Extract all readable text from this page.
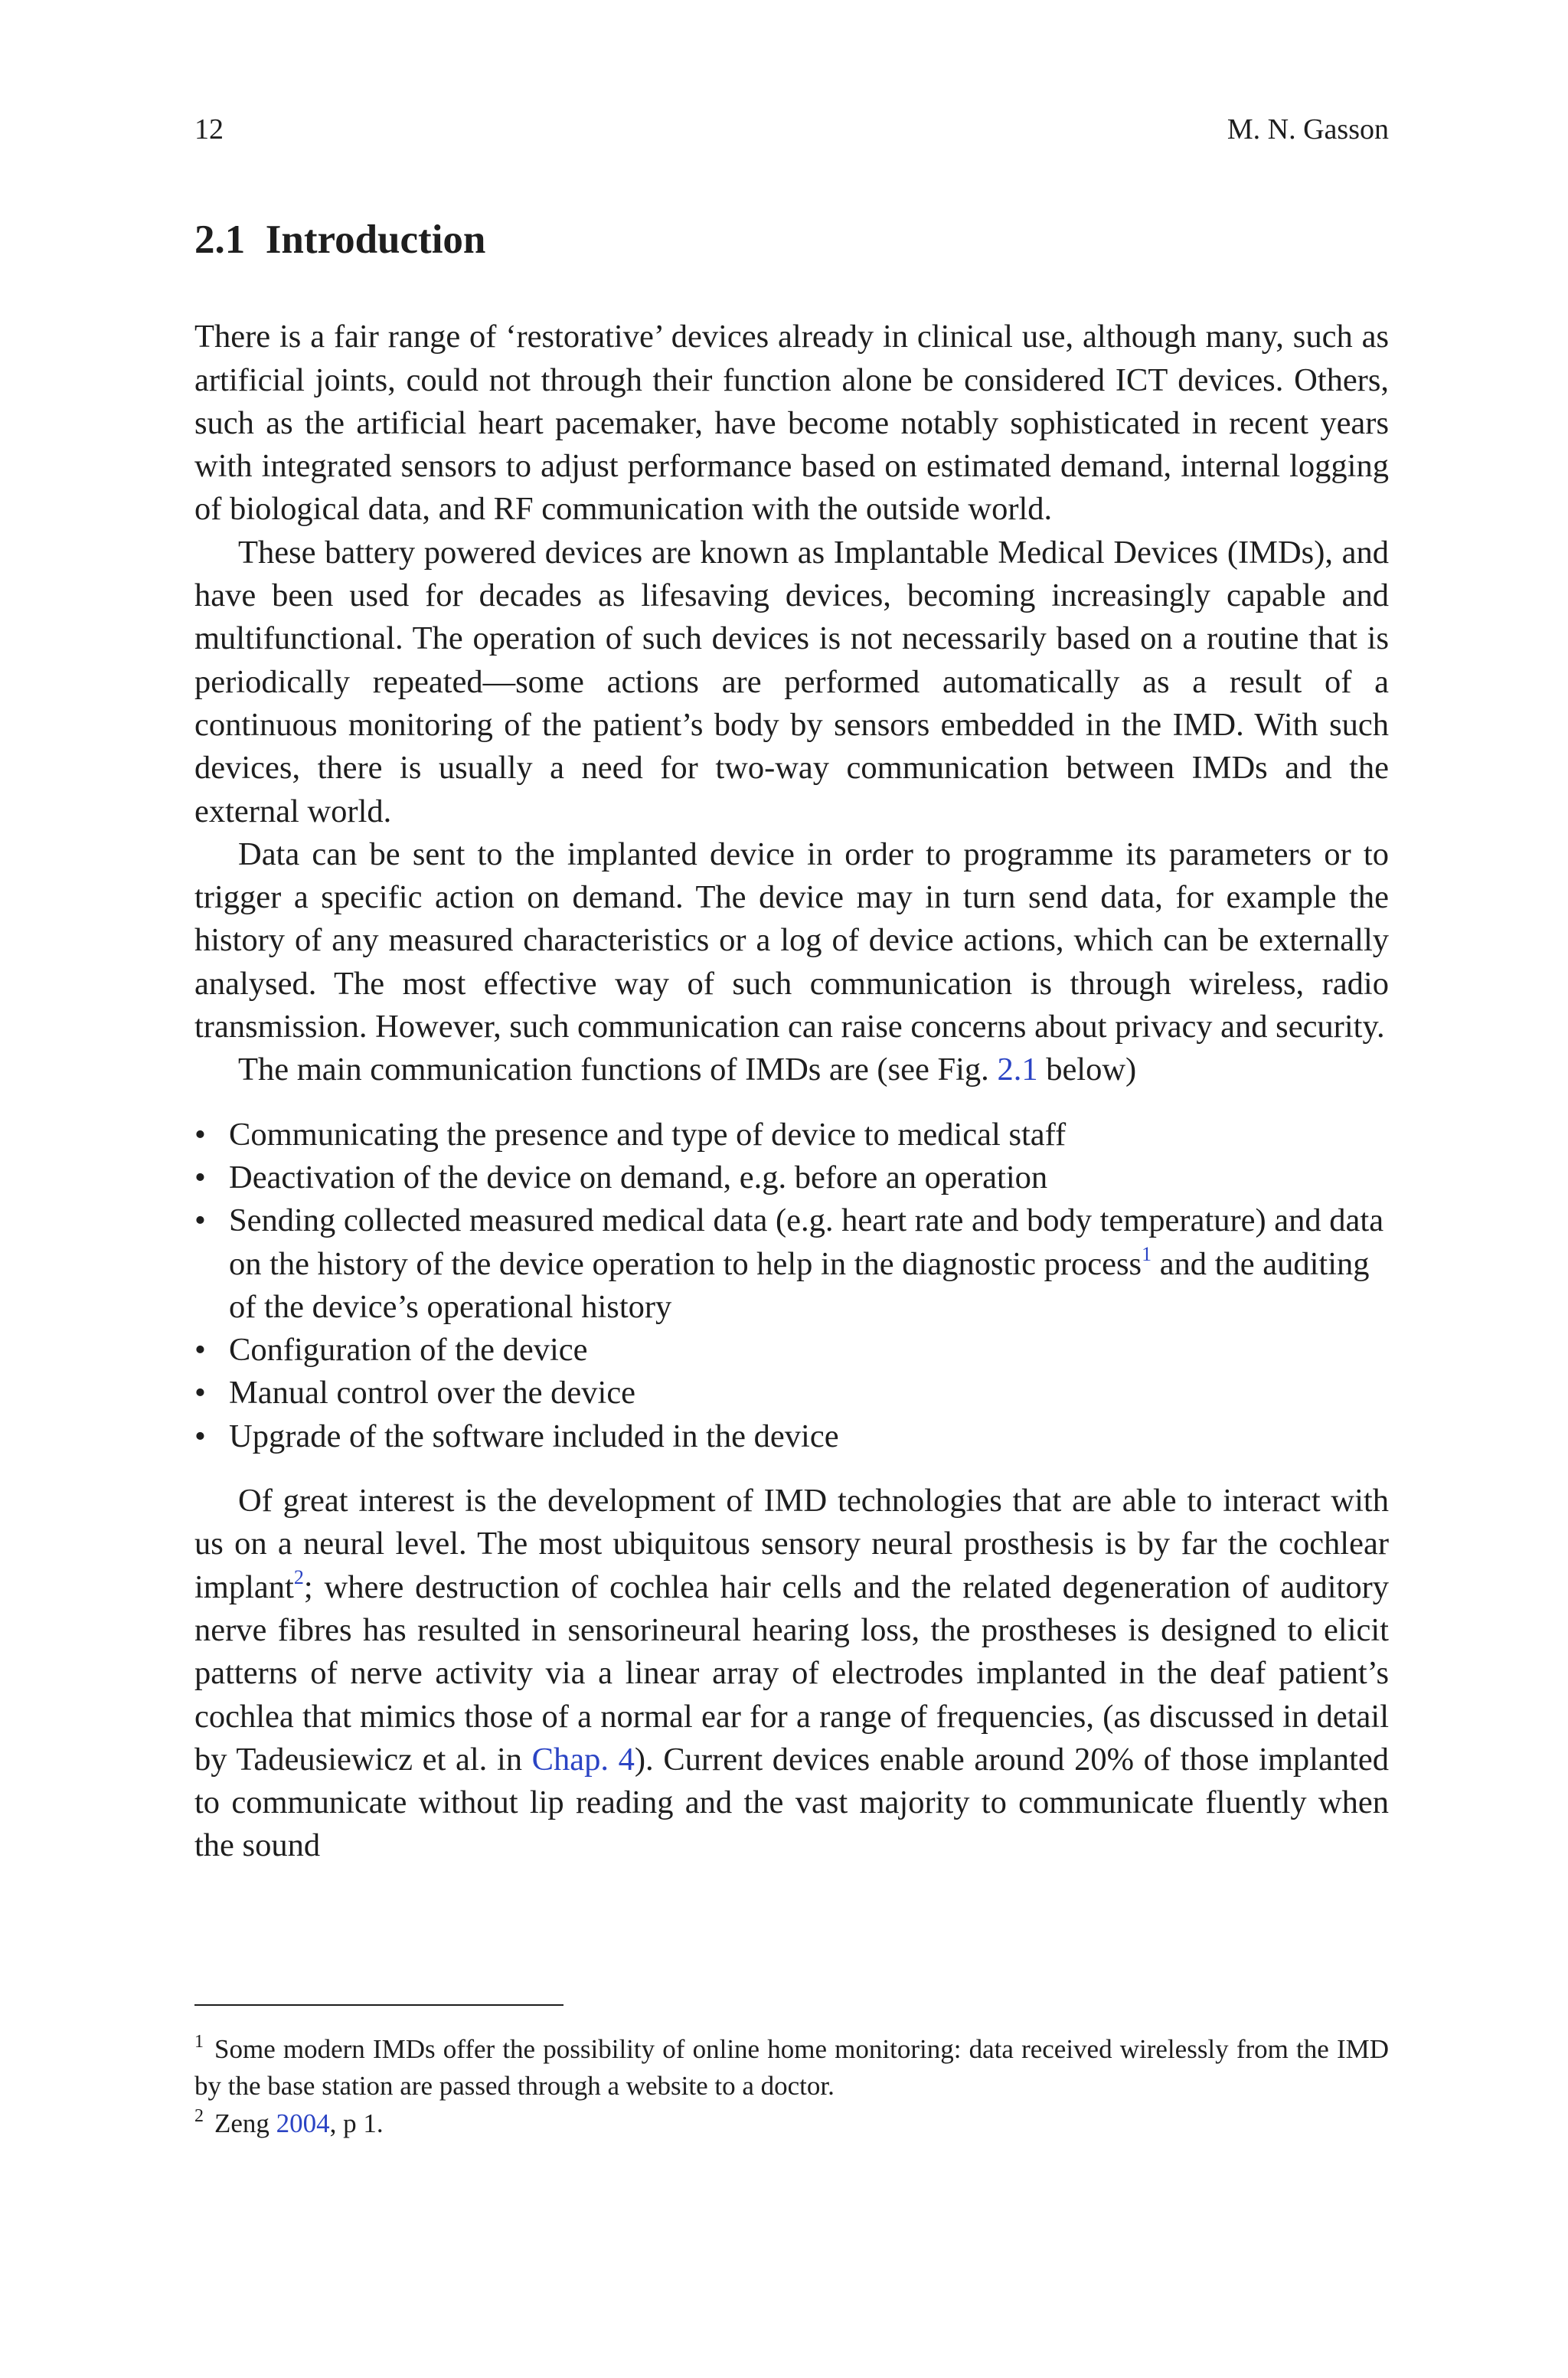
12	M. N. Gasson
2.1  Introduction

There is a fair range of ‘restorative’ devices already in clinical use, although many, such as artificial joints, could not through their function alone be considered ICT devices. Others, such as the artificial heart pacemaker, have become notably sophisticated in recent years with integrated sensors to adjust performance based on estimated demand, internal logging of biological data, and RF communication with the outside world.

These battery powered devices are known as Implantable Medical Devices (IMDs), and have been used for decades as lifesaving devices, becoming increasingly capable and multifunctional. The operation of such devices is not necessarily based on a routine that is periodically repeated—some actions are performed automatically as a result of a continuous monitoring of the patient’s body by sensors embedded in the IMD. With such devices, there is usually a need for two-way communication between IMDs and the external world.

Data can be sent to the implanted device in order to programme its parameters or to trigger a specific action on demand. The device may in turn send data, for example the history of any measured characteristics or a log of device actions, which can be externally analysed. The most effective way of such communication is through wireless, radio transmission. However, such communication can raise concerns about privacy and security.

The main communication functions of IMDs are (see Fig. 2.1 below)

• Communicating the presence and type of device to medical staff
• Deactivation of the device on demand, e.g. before an operation
• Sending collected measured medical data (e.g. heart rate and body temperature) and data on the history of the device operation to help in the diagnostic process$^1$ and the auditing of the device’s operational history
• Configuration of the device
• Manual control over the device
• Upgrade of the software included in the device

Of great interest is the development of IMD technologies that are able to interact with us on a neural level. The most ubiquitous sensory neural prosthesis is by far the cochlear implant$^2$; where destruction of cochlea hair cells and the related degeneration of auditory nerve fibres has resulted in sensorineural hearing loss, the prostheses is designed to elicit patterns of nerve activity via a linear array of electrodes implanted in the deaf patient’s cochlea that mimics those of a normal ear for a range of frequencies, (as discussed in detail by Tadeusiewicz et al. in Chap. 4). Current devices enable around 20% of those implanted to communicate without lip reading and the vast majority to communicate fluently when the sound

$^1$ Some modern IMDs offer the possibility of online home monitoring: data received wirelessly from the IMD by the base station are passed through a website to a doctor.

$^2$ Zeng 2004, p 1.
